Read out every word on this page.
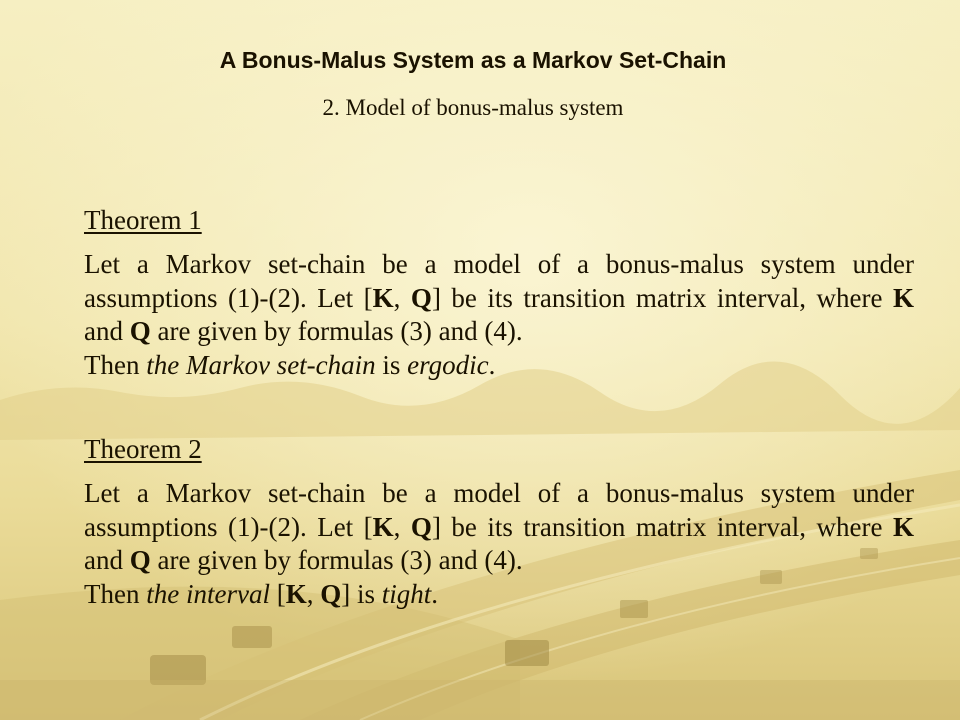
A Bonus-Malus System as a Markov Set-Chain
2. Model of bonus-malus system
Theorem 1
Let a Markov set-chain be a model of a bonus-malus system under assumptions (1)-(2). Let [K, Q] be its transition matrix interval, where K and Q are given by formulas (3) and (4).
Then the Markov set-chain is ergodic.
Theorem 2
Let a Markov set-chain be a model of a bonus-malus system under assumptions (1)-(2). Let [K, Q] be its transition matrix interval, where K and Q are given by formulas (3) and (4).
Then the interval [K, Q] is tight.
